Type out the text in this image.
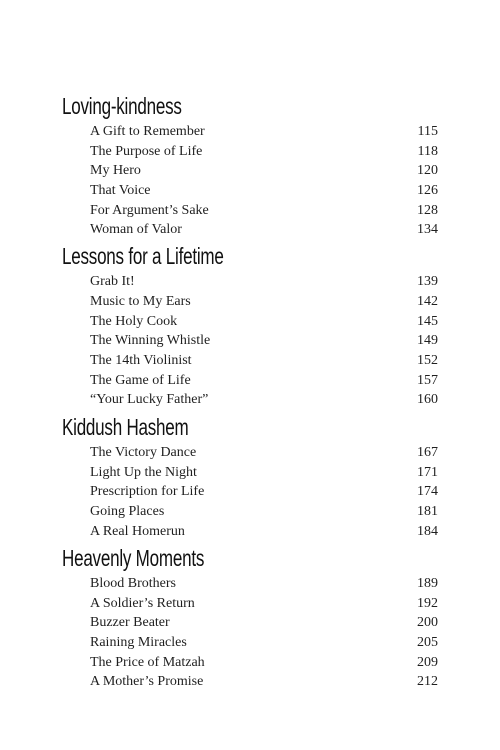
Loving-kindness
A Gift to Remember	115
The Purpose of Life	118
My Hero	120
That Voice	126
For Argument’s Sake	128
Woman of Valor	134
Lessons for a Lifetime
Grab It!	139
Music to My Ears	142
The Holy Cook	145
The Winning Whistle	149
The 14th Violinist	152
The Game of Life	157
“Your Lucky Father”	160
Kiddush Hashem
The Victory Dance	167
Light Up the Night	171
Prescription for Life	174
Going Places	181
A Real Homerun	184
Heavenly Moments
Blood Brothers	189
A Soldier’s Return	192
Buzzer Beater	200
Raining Miracles	205
The Price of Matzah	209
A Mother’s Promise	212
